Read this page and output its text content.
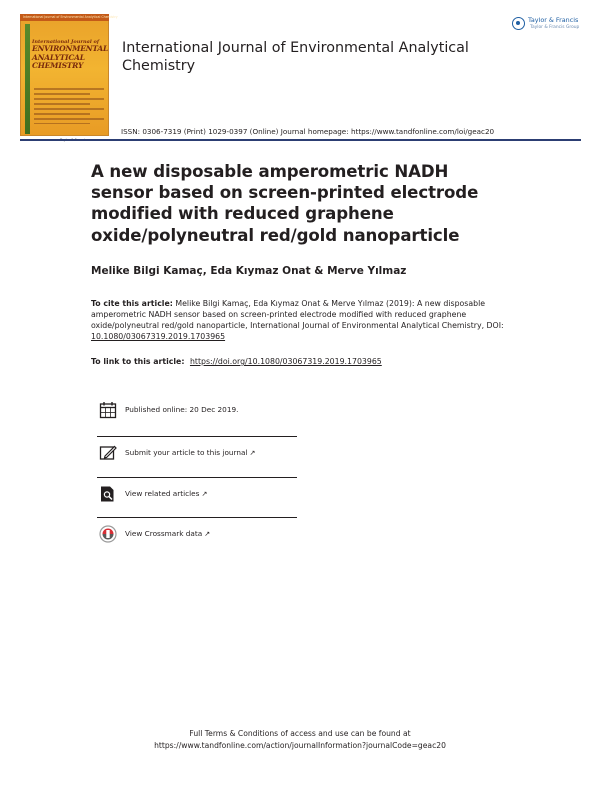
International Journal of Environmental Analytical Chemistry
International Journal of
ENVIRONMENTAL
ANALYTICAL
CHEMISTRY
International Journal of Environmental Analytical Chemistry
Taylor & Francis
Taylor & Francis Group
ISSN: 0306-7319 (Print) 1029-0397 (Online) Journal homepage: https://www.tandfonline.com/loi/geac20
A new disposable amperometric NADH sensor based on screen-printed electrode modified with reduced graphene oxide/polyneutral red/gold nanoparticle
Melike Bilgi Kamaç, Eda Kıymaz Onat & Merve Yılmaz
To cite this article: Melike Bilgi Kamaç, Eda Kıymaz Onat & Merve Yılmaz (2019): A new disposable amperometric NADH sensor based on screen-printed electrode modified with reduced graphene oxide/polyneutral red/gold nanoparticle, International Journal of Environmental Analytical Chemistry, DOI: 10.1080/03067319.2019.1703965
To link to this article: https://doi.org/10.1080/03067319.2019.1703965
Published online: 20 Dec 2019.
Submit your article to this journal ↗
View related articles ↗
View Crossmark data ↗
Full Terms & Conditions of access and use can be found at
https://www.tandfonline.com/action/journalInformation?journalCode=geac20
